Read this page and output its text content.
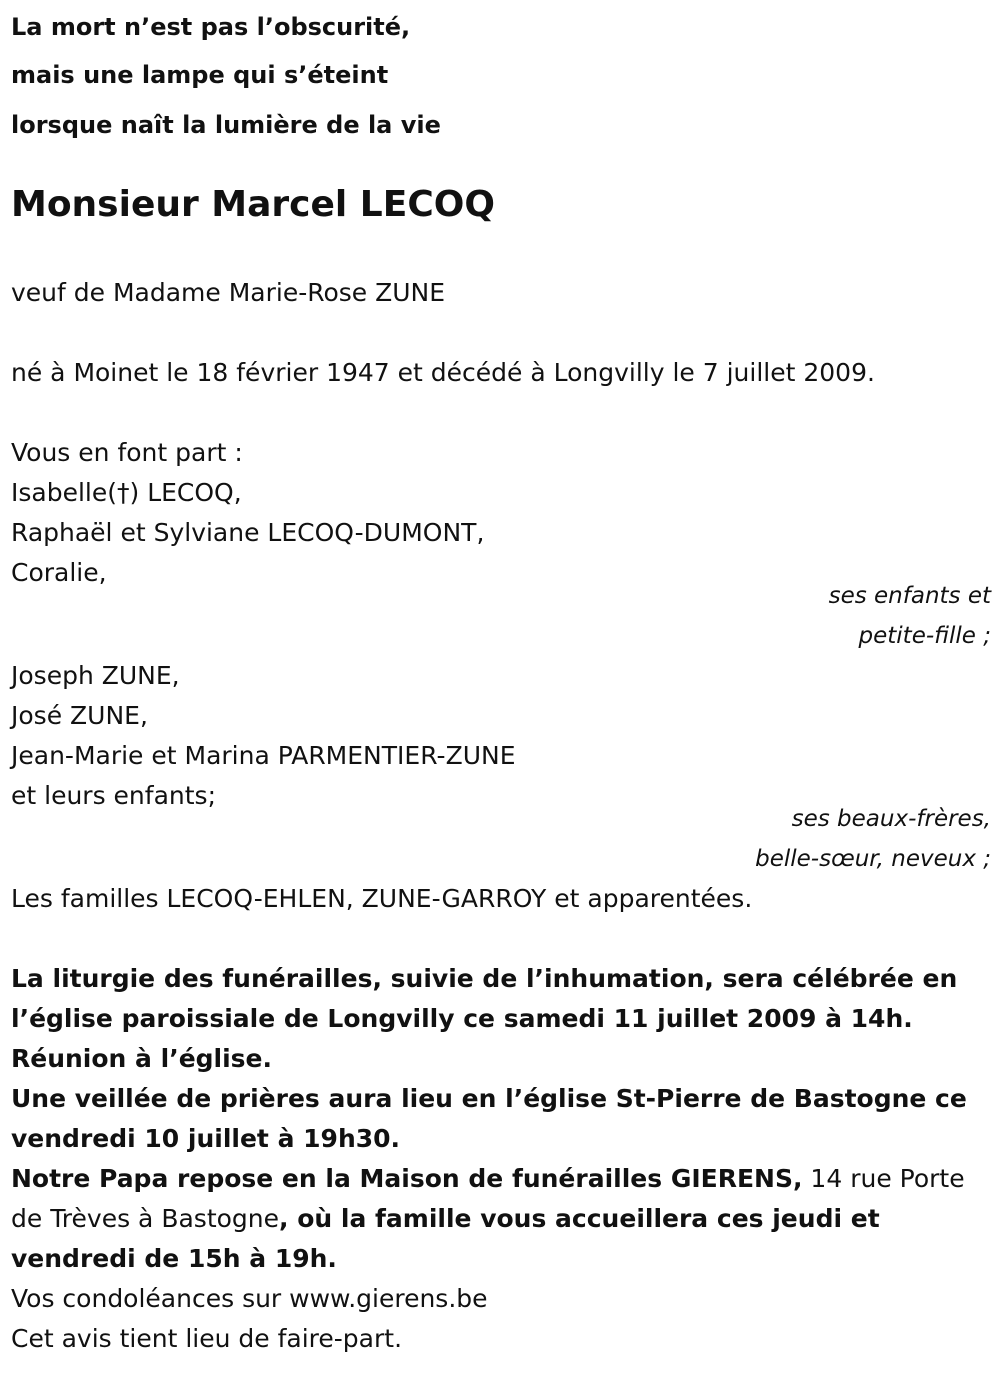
La mort n’est pas l’obscurité,
mais une lampe qui s’éteint
lorsque naît la lumière de la vie
Monsieur Marcel LECOQ
veuf de Madame Marie-Rose ZUNE
né à Moinet le 18 février 1947 et décédé à Longvilly le 7 juillet 2009.
Vous en font part :
Isabelle(†) LECOQ,
Raphaël et Sylviane LECOQ-DUMONT,
Coralie,
ses enfants et
petite-fille ;
Joseph ZUNE,
José ZUNE,
Jean-Marie et Marina PARMENTIER-ZUNE
et leurs enfants;
ses beaux-frères,
belle-sœur, neveux ;
Les familles LECOQ-EHLEN, ZUNE-GARROY et apparentées.
La liturgie des funérailles, suivie de l’inhumation, sera célébrée en
l’église paroissiale de Longvilly ce samedi 11 juillet 2009 à 14h.
Réunion à l’église.
Une veillée de prières aura lieu en l’église St-Pierre de Bastogne ce
vendredi 10 juillet à 19h30.
Notre Papa repose en la Maison de funérailles GIERENS, 14 rue Porte
de Trèves à Bastogne, où la famille vous accueillera ces jeudi et
vendredi de 15h à 19h.
Vos condoléances sur www.gierens.be
Cet avis tient lieu de faire-part.
